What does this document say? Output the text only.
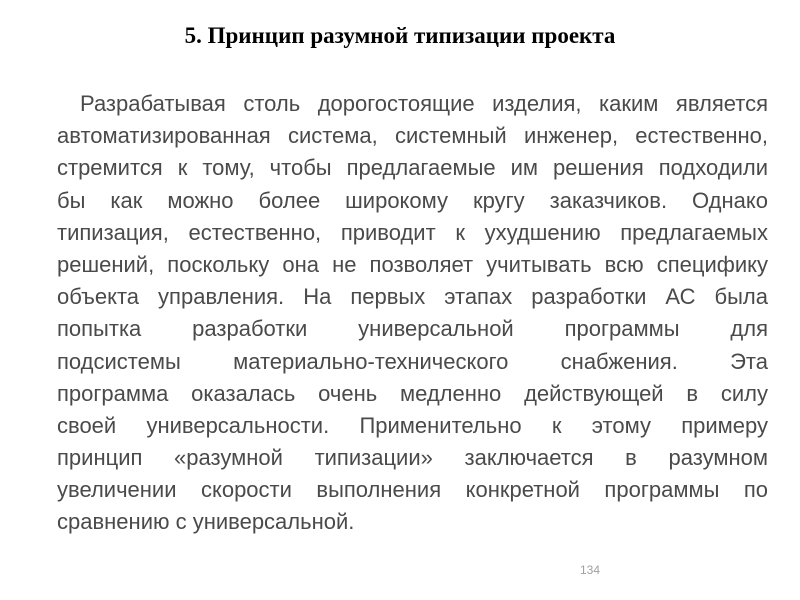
5. Принцип разумной типизации проекта
Разрабатывая столь дорогостоящие изделия, каким является
автоматизированная система, системный инженер, естественно,
стремится к тому, чтобы предлагаемые им решения подходили
бы как можно более широкому кругу заказчиков. Однако
типизация, естественно, приводит к ухудшению предлагаемых
решений, поскольку она не позволяет учитывать всю специфику
объекта управления. На первых этапах разработки АС была
попытка разработки универсальной программы для
подсистемы материально-технического снабжения. Эта
программа оказалась очень медленно действующей в силу
своей универсальности. Применительно к этому примеру
принцип «разумной типизации» заключается в разумном
увеличении скорости выполнения конкретной программы по
сравнению с универсальной.
134
